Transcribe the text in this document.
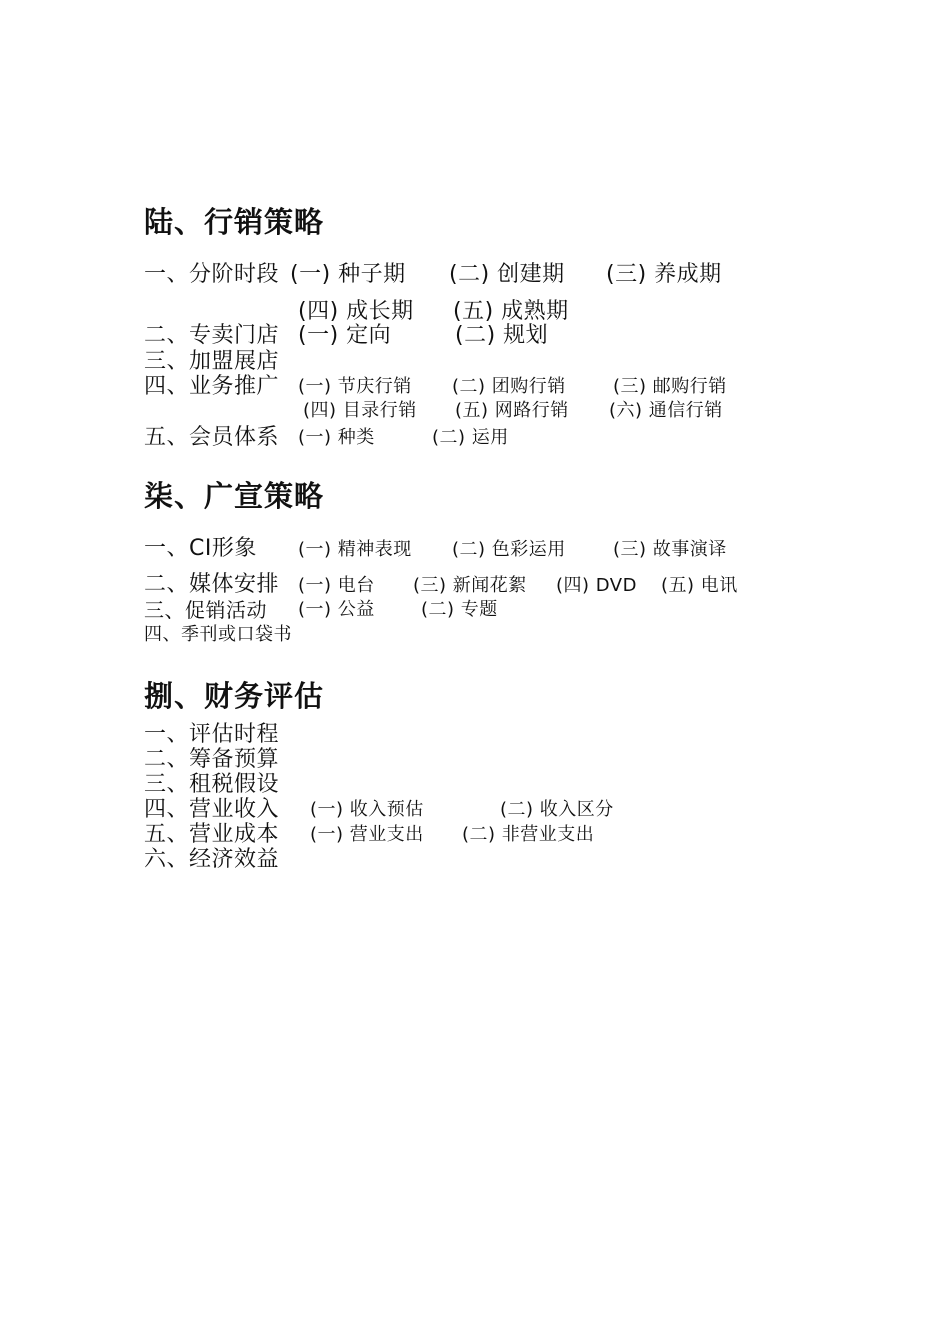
陆、行销策略
一、分阶时段 (一) 种子期 (二) 创建期 (三) 养成期
(四) 成长期 (五) 成熟期
二、专卖门店 (一) 定向	(二) 规划
三、加盟展店
四、业务推广 (一) 节庆行销 (二) 团购行销	(三) 邮购行销
(四) 目录行销 (五) 网路行销 (六) 通信行销
五、会员体系 (一) 种类	(二) 运用
柒、广宣策略
一、CI形象 (一) 精神表现 (二) 色彩运用	(三) 故事演译
二、媒体安排 (一) 电台 (三) 新闻花絮 (四) DVD (五) 电讯
三、促销活动 (一) 公益	(二) 专题
四、季刊或口袋书
捌、财务评估
一、评估时程
二、筹备预算
三、租税假设
四、营业收入 (一) 收入预估	(二) 收入区分
五、营业成本 (一) 营业支出 (二) 非营业支出
六、经济效益
